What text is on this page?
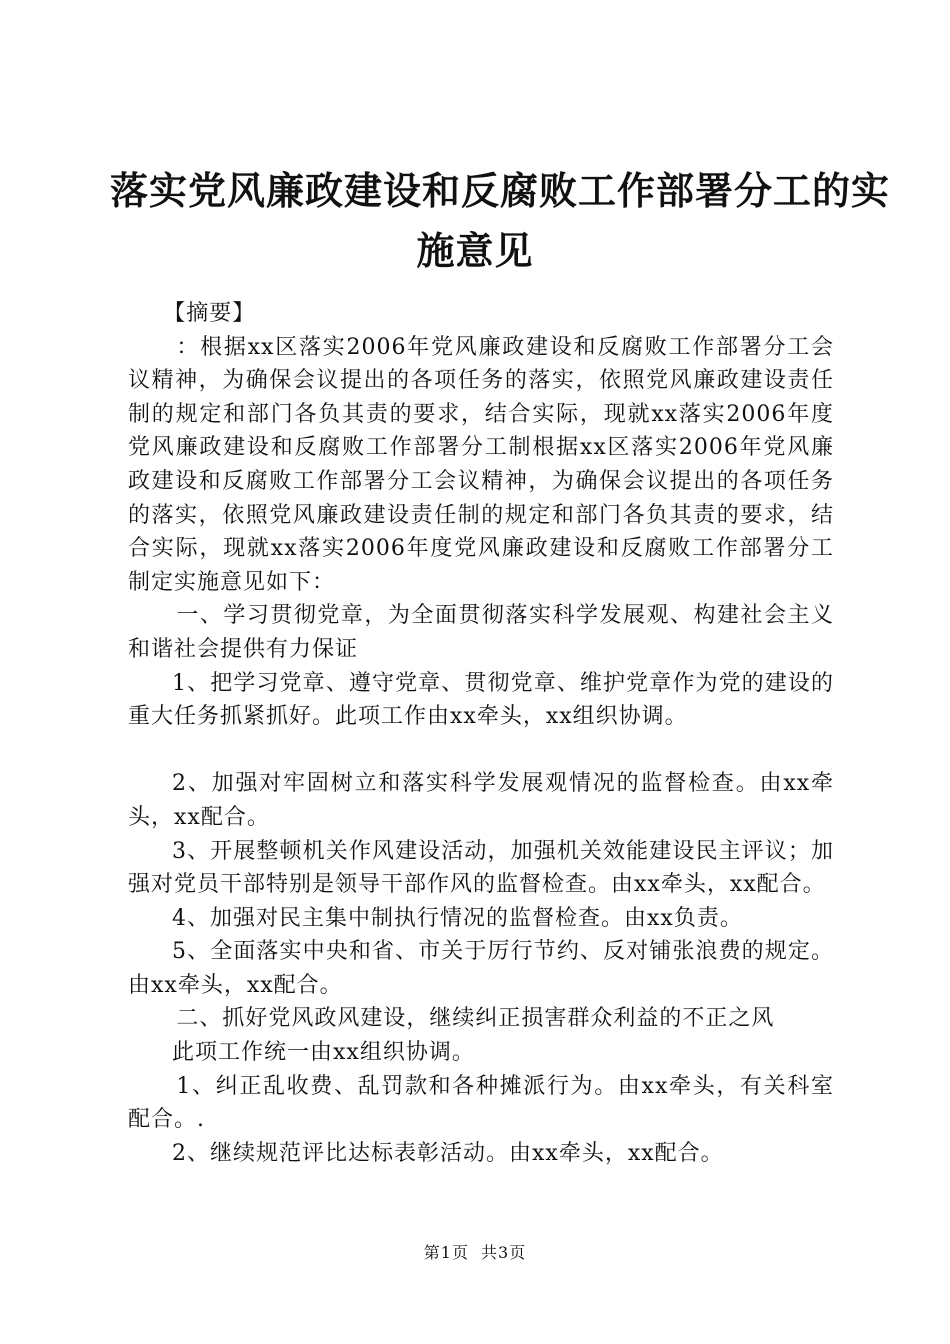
落实党风廉政建设和反腐败工作部署分工的实
施意见

【摘要】

：根据xx区落实2006年党风廉政建设和反腐败工作部署分工会议精神，为确保会议提出的各项任务的落实，依照党风廉政建设责任制的规定和部门各负其责的要求，结合实际，现就xx落实2006年度党风廉政建设和反腐败工作部署分工制根据xx区落实2006年党风廉政建设和反腐败工作部署分工会议精神，为确保会议提出的各项任务的落实，依照党风廉政建设责任制的规定和部门各负其责的要求，结合实际，现就xx落实2006年度党风廉政建设和反腐败工作部署分工制定实施意见如下：

一、学习贯彻党章，为全面贯彻落实科学发展观、构建社会主义和谐社会提供有力保证

1、把学习党章、遵守党章、贯彻党章、维护党章作为党的建设的重大任务抓紧抓好。此项工作由xx牵头，xx组织协调。

2、加强对牢固树立和落实科学发展观情况的监督检查。由xx牵头，xx配合。

3、开展整顿机关作风建设活动，加强机关效能建设民主评议；加强对党员干部特别是领导干部作风的监督检查。由xx牵头，xx配合。

4、加强对民主集中制执行情况的监督检查。由xx负责。

5、全面落实中央和省、市关于厉行节约、反对铺张浪费的规定。由xx牵头，xx配合。

二、抓好党风政风建设，继续纠正损害群众利益的不正之风

此项工作统一由xx组织协调。

1、纠正乱收费、乱罚款和各种摊派行为。由xx牵头，有关科室配合。.

2、继续规范评比达标表彰活动。由xx牵头，xx配合。

第1页 共3页
